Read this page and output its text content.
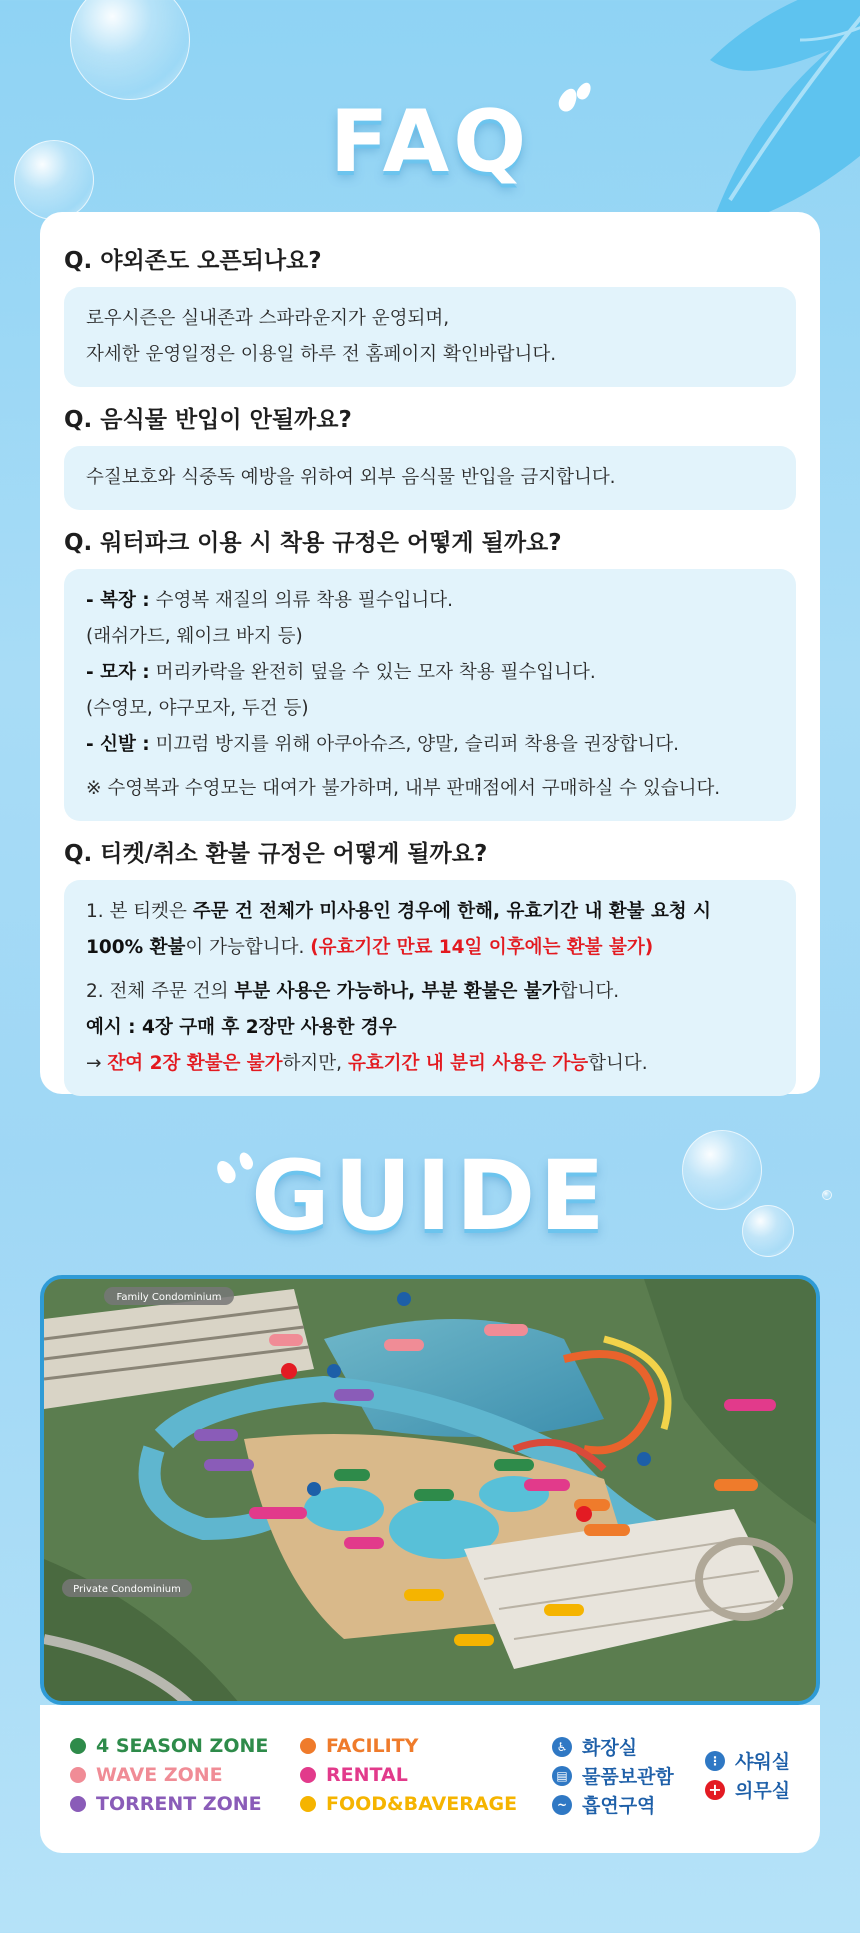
FAQ
Q. 야외존도 오픈되나요?
로우시즌은 실내존과 스파라운지가 운영되며,
자세한 운영일정은 이용일 하루 전 홈페이지 확인바랍니다.
Q. 음식물 반입이 안될까요?
수질보호와 식중독 예방을 위하여 외부 음식물 반입을 금지합니다.
Q. 워터파크 이용 시 착용 규정은 어떻게 될까요?
- 복장 : 수영복 재질의 의류 착용 필수입니다.
(래쉬가드, 웨이크 바지 등)
- 모자 : 머리카락을 완전히 덮을 수 있는 모자 착용 필수입니다.
(수영모, 야구모자, 두건 등)
- 신발 : 미끄럼 방지를 위해 아쿠아슈즈, 양말, 슬리퍼 착용을 권장합니다.
※ 수영복과 수영모는 대여가 불가하며, 내부 판매점에서 구매하실 수 있습니다.
Q. 티켓/취소 환불 규정은 어떻게 될까요?
1. 본 티켓은 주문 건 전체가 미사용인 경우에 한해, 유효기간 내 환불 요청 시
100% 환불이 가능합니다. (유효기간 만료 14일 이후에는 환불 불가)
2. 전체 주문 건의 부분 사용은 가능하나, 부분 환불은 불가합니다.
예시 : 4장 구매 후 2장만 사용한 경우
→ 잔여 2장 환불은 불가하지만, 유효기간 내 분리 사용은 가능합니다.
GUIDE
Family Condominium
Private Condominium
4 SEASON ZONE
WAVE ZONE
TORRENT ZONE
FACILITY
RENTAL
FOOD&BAVERAGE
♿ 화장실
▤ 물품보관함
~ 흡연구역
⋮ 샤워실
+ 의무실
